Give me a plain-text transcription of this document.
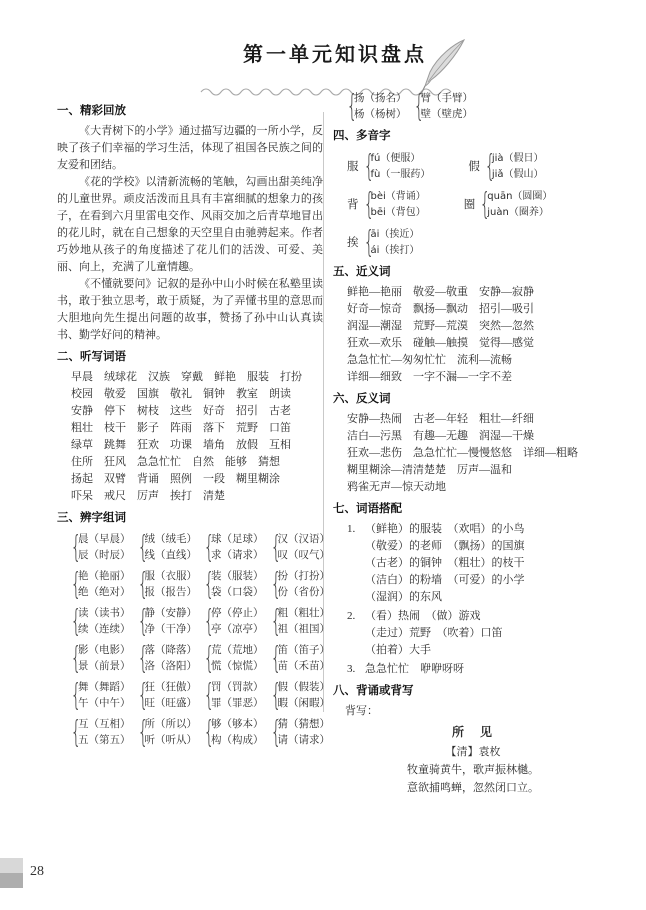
第一单元知识盘点
一、精彩回放

《大青树下的小学》通过描写边疆的一所小学，反映了孩子们幸福的学习生活，体现了祖国各民族之间的友爱和团结。

《花的学校》以清新流畅的笔触，勾画出甜美纯净的儿童世界。顽皮活泼而且具有丰富细腻的想象力的孩子，在看到六月里雷电交作、风雨交加之后青草地冒出的花儿时，就在自己想象的天空里自由驰骋起来。作者巧妙地从孩子的角度描述了花儿们的活泼、可爱、美丽、向上，充满了儿童情趣。

《不懂就要问》记叙的是孙中山小时候在私塾里读书，敢于独立思考，敢于质疑，为了弄懂书里的意思而大胆地向先生提出问题的故事，赞扬了孙中山认真读书、勤学好问的精神。

二、听写词语
早晨　绒球花　汉族　穿戴　鲜艳　服装　打扮
校园　敬爱　国旗　敬礼　铜钟　教室　朗读
安静　停下　树枝　这些　好奇　招引　古老
粗壮　枝干　影子　阵雨　落下　荒野　口笛
绿草　跳舞　狂欢　功课　墙角　放假　互相
住所　狂风　急急忙忙　自然　能够　猜想
扬起　双臂　背诵　照例　一段　糊里糊涂
吓呆　戒尺　厉声　挨打　清楚
三、辨字组词
{
晨（早晨）
辰（时辰） {
绒（绒毛）
线（直线） {
球（足球）
求（请求） {
汉（汉语）
叹（叹气）
{
艳（艳丽）
绝（绝对） {
服（衣服）
报（报告） {
装（服装）
袋（口袋） {
扮（打扮）
份（省份）
{
读（读书）
续（连续） {
静（安静）
净（干净） {
停（停止）
亭（凉亭） {
粗（粗壮）
祖（祖国）
{
影（电影）
景（前景） {
落（降落）
洛（洛阳） {
荒（荒地）
慌（惊慌） {
笛（笛子）
苗（禾苗）
{
舞（舞蹈）
午（中午） {
狂（狂傲）
旺（旺盛） {
罚（罚款）
罪（罪恶） {
假（假装）
暇（闲暇）
{
互（互相）
五（第五） {
所（所以）
听（听从） {
够（够本）
构（构成） {
猜（猜想）
请（请求）
{
扬（扬名）
杨（杨树） {
臂（手臂）
壁（壁虎）
四、多音字
服 {
fú（便服）
fù（一服药）
假 {
jià（假日）
jiǎ（假山）
背 {
bèi（背诵）
bēi（背包）
圈 {
quān（圆圈）
juàn（圈养）
挨 {
āi（挨近）
ái（挨打）
五、近义词
鲜艳—艳丽　敬爱—敬重　安静—寂静
好奇—惊奇　飘扬—飘动　招引—吸引
润湿—潮湿　荒野—荒漠　突然—忽然
狂欢—欢乐　碰触—触摸　觉得—感觉
急急忙忙—匆匆忙忙　流利—流畅
详细—细致　一字不漏—一字不差
六、反义词
安静—热闹　古老—年轻　粗壮—纤细
洁白—污黑　有趣—无趣　润湿—干燥
狂欢—悲伤　急急忙忙—慢慢悠悠　详细—粗略
糊里糊涂—清清楚楚　厉声—温和
鸦雀无声—惊天动地
七、词语搭配
1. （鲜艳）的服装　（欢唱）的小鸟
（敬爱）的老师　（飘扬）的国旗
（古老）的铜钟　（粗壮）的枝干
（洁白）的粉墙　（可爱）的小学
（湿润）的东风
2. （看）热闹　（做）游戏
（走过）荒野　（吹着）口笛
（拍着）大手
3. 急急忙忙　咿咿呀呀
八、背诵或背写
背写：
所　见
【清】袁枚
牧童骑黄牛，歌声振林樾。
意欲捕鸣蝉，忽然闭口立。
28
